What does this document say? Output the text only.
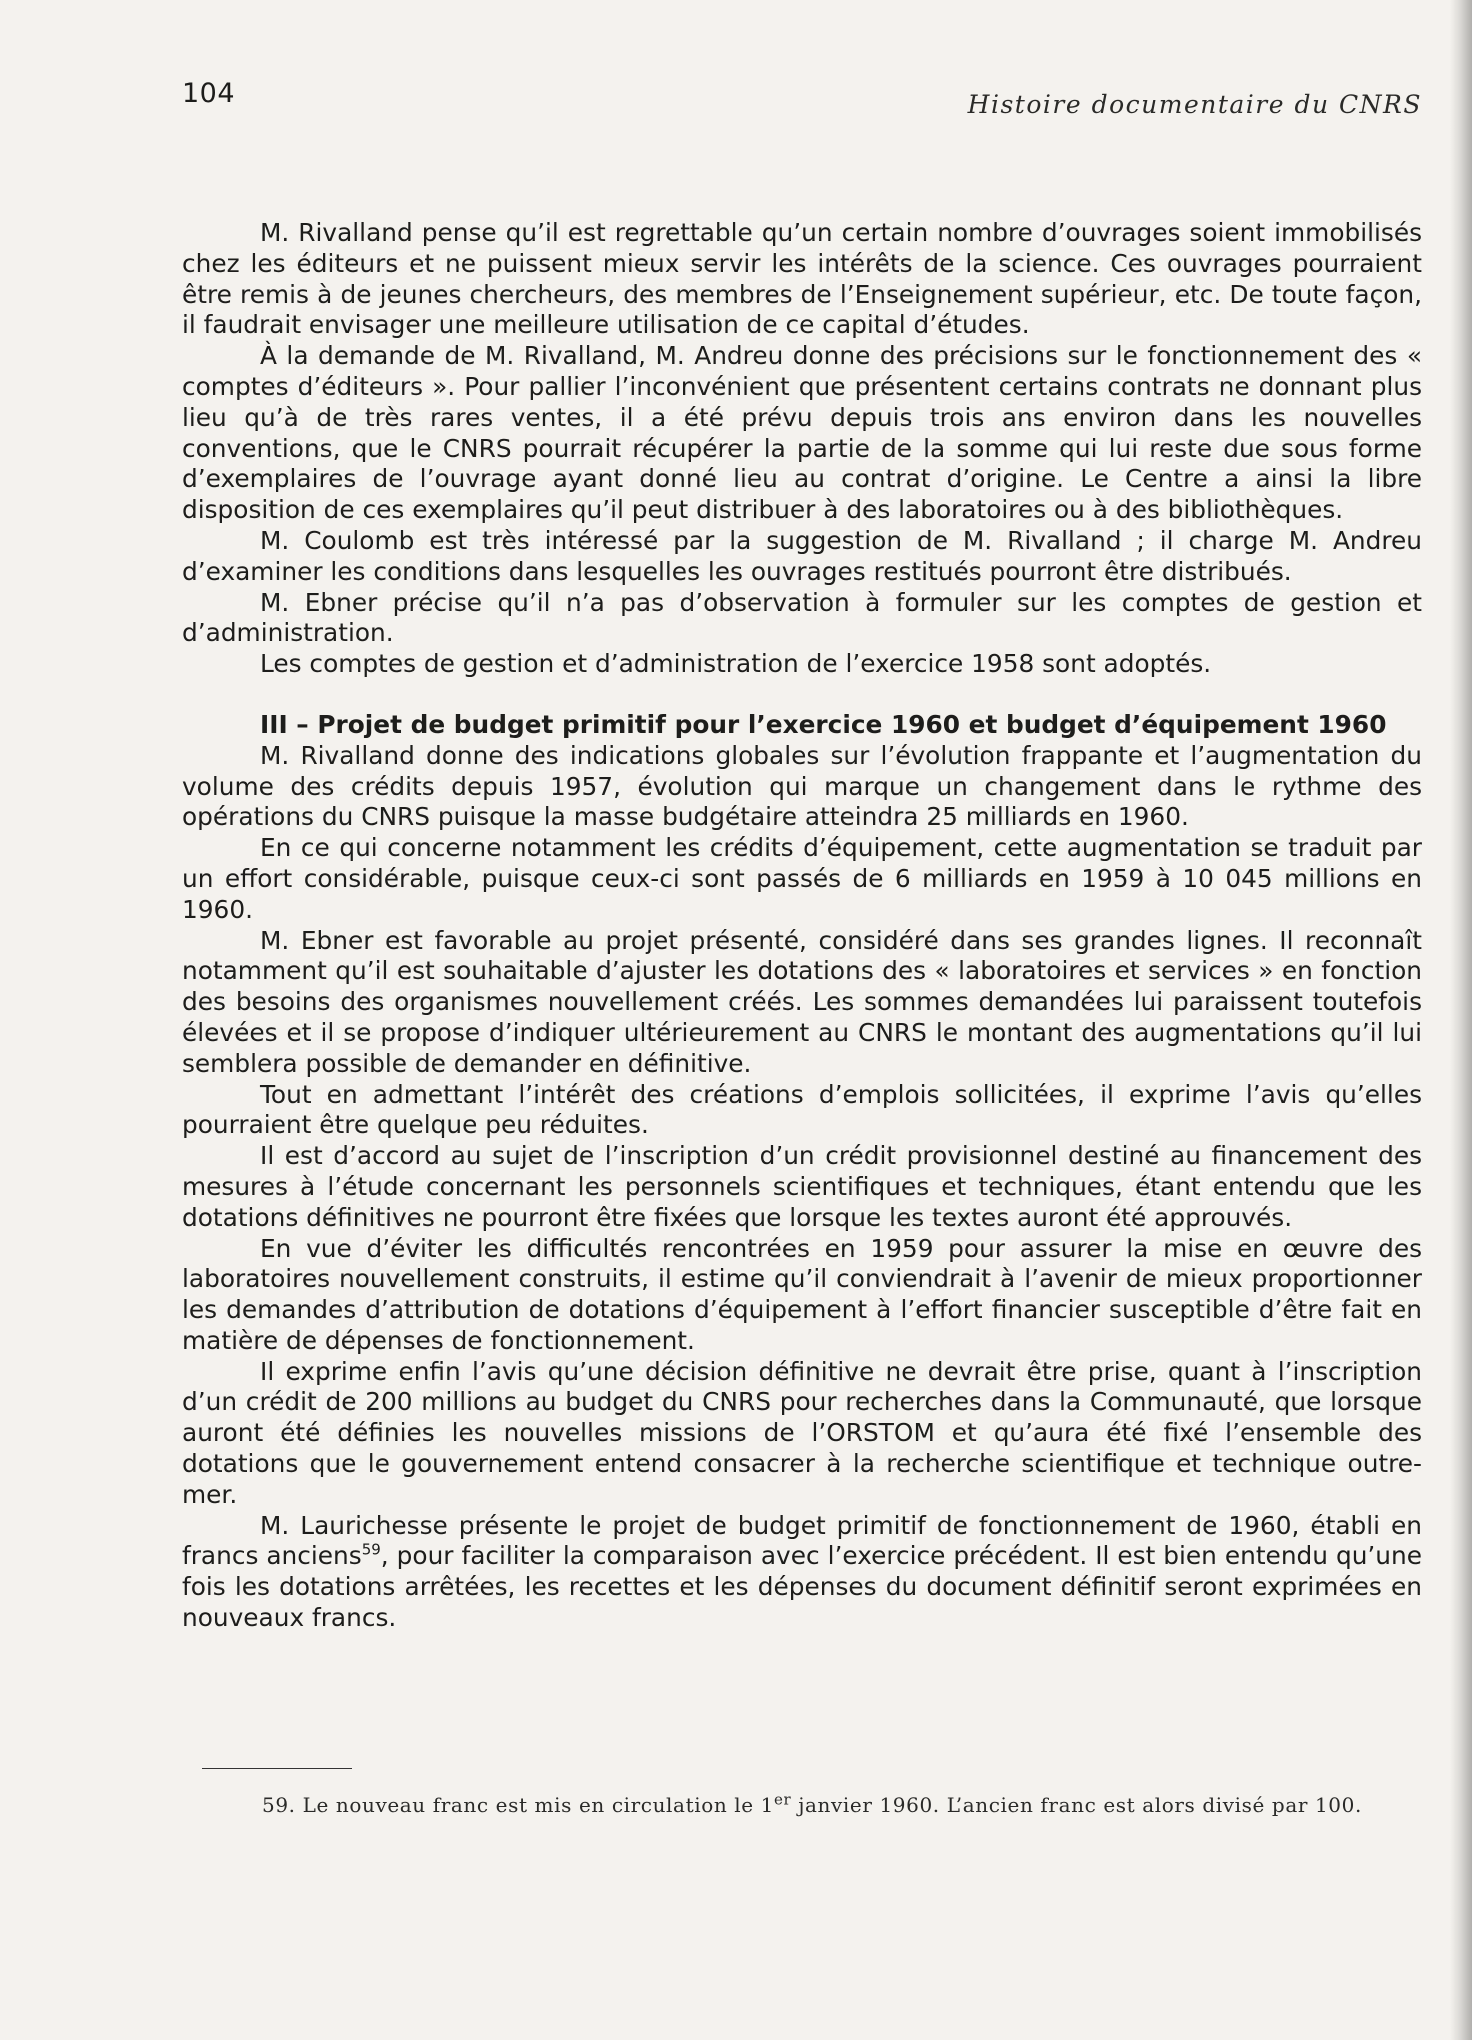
104	Histoire documentaire du CNRS

M. Rivalland pense qu’il est regrettable qu’un certain nombre d’ouvrages soient immobilisés chez les éditeurs et ne puissent mieux servir les intérêts de la science. Ces ouvrages pourraient être remis à de jeunes chercheurs, des membres de l’Enseignement supérieur, etc. De toute façon, il faudrait envisager une meilleure utilisation de ce capital d’études.

À la demande de M. Rivalland, M. Andreu donne des précisions sur le fonctionnement des « comptes d’éditeurs ». Pour pallier l’inconvénient que présentent certains contrats ne donnant plus lieu qu’à de très rares ventes, il a été prévu depuis trois ans environ dans les nouvelles conventions, que le CNRS pourrait récupérer la partie de la somme qui lui reste due sous forme d’exemplaires de l’ouvrage ayant donné lieu au contrat d’origine. Le Centre a ainsi la libre disposition de ces exemplaires qu’il peut distribuer à des laboratoires ou à des bibliothèques.

M. Coulomb est très intéressé par la suggestion de M. Rivalland ; il charge M. Andreu d’examiner les conditions dans lesquelles les ouvrages restitués pourront être distribués.

M. Ebner précise qu’il n’a pas d’observation à formuler sur les comptes de gestion et d’administration.

Les comptes de gestion et d’administration de l’exercice 1958 sont adoptés.

III – Projet de budget primitif pour l’exercice 1960 et budget d’équipement 1960

M. Rivalland donne des indications globales sur l’évolution frappante et l’augmentation du volume des crédits depuis 1957, évolution qui marque un changement dans le rythme des opérations du CNRS puisque la masse budgétaire atteindra 25 milliards en 1960.

En ce qui concerne notamment les crédits d’équipement, cette augmentation se traduit par un effort considérable, puisque ceux-ci sont passés de 6 milliards en 1959 à 10 045 millions en 1960.

M. Ebner est favorable au projet présenté, considéré dans ses grandes lignes. Il reconnaît notamment qu’il est souhaitable d’ajuster les dotations des « laboratoires et services » en fonction des besoins des organismes nouvellement créés. Les sommes demandées lui paraissent toutefois élevées et il se propose d’indiquer ultérieurement au CNRS le montant des augmentations qu’il lui semblera possible de demander en définitive.

Tout en admettant l’intérêt des créations d’emplois sollicitées, il exprime l’avis qu’elles pourraient être quelque peu réduites.

Il est d’accord au sujet de l’inscription d’un crédit provisionnel destiné au financement des mesures à l’étude concernant les personnels scientifiques et techniques, étant entendu que les dotations définitives ne pourront être fixées que lorsque les textes auront été approuvés.

En vue d’éviter les difficultés rencontrées en 1959 pour assurer la mise en œuvre des laboratoires nouvellement construits, il estime qu’il conviendrait à l’avenir de mieux proportionner les demandes d’attribution de dotations d’équipement à l’effort financier susceptible d’être fait en matière de dépenses de fonctionnement.

Il exprime enfin l’avis qu’une décision définitive ne devrait être prise, quant à l’inscription d’un crédit de 200 millions au budget du CNRS pour recherches dans la Communauté, que lorsque auront été définies les nouvelles missions de l’ORSTOM et qu’aura été fixé l’ensemble des dotations que le gouvernement entend consacrer à la recherche scientifique et technique outre-mer.

M. Laurichesse présente le projet de budget primitif de fonctionnement de 1960, établi en francs anciens$^{59}$, pour faciliter la comparaison avec l’exercice précédent. Il est bien entendu qu’une fois les dotations arrêtées, les recettes et les dépenses du document définitif seront exprimées en nouveaux francs.

59. Le nouveau franc est mis en circulation le 1er janvier 1960. L’ancien franc est alors divisé par 100.
